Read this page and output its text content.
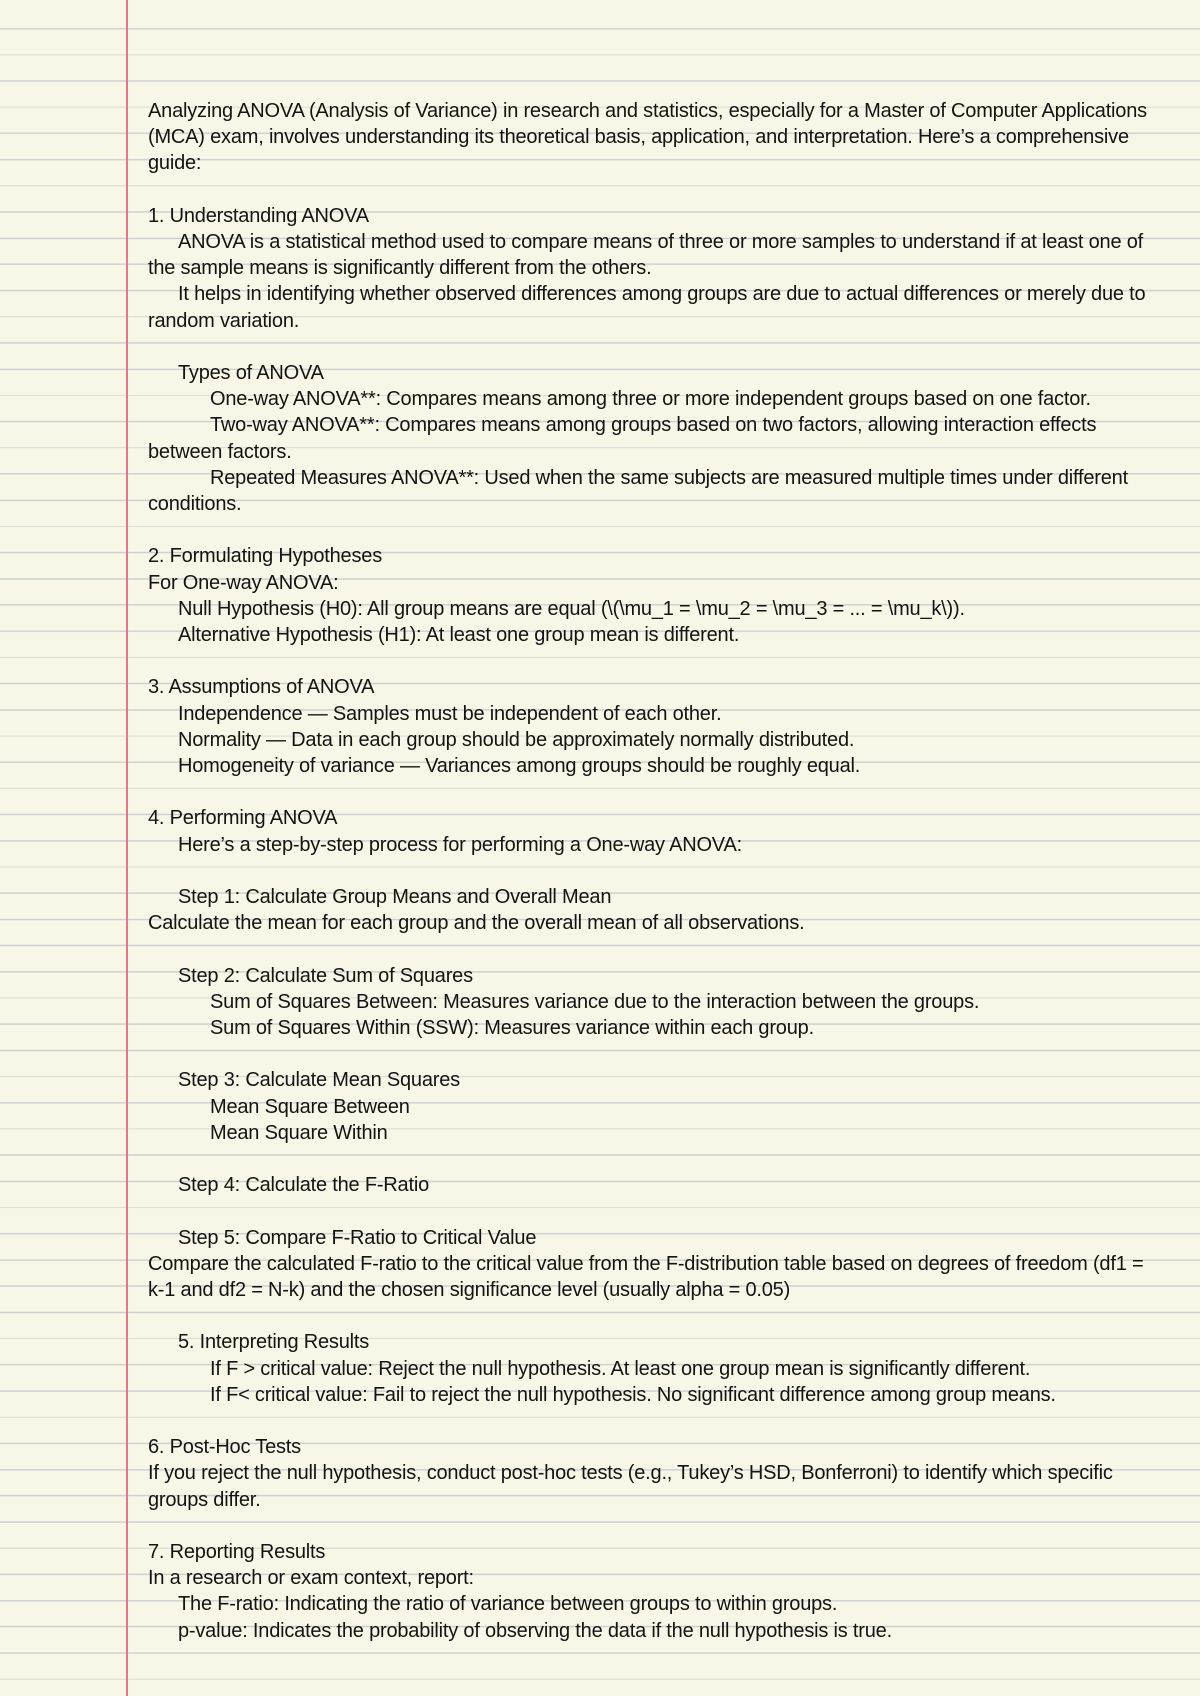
Analyzing ANOVA (Analysis of Variance) in research and statistics, especially for a Master of Computer Applications (MCA) exam, involves understanding its theoretical basis, application, and interpretation. Here’s a comprehensive guide:

1. Understanding ANOVA

ANOVA is a statistical method used to compare means of three or more samples to understand if at least one of the sample means is significantly different from the others.

It helps in identifying whether observed differences among groups are due to actual differences or merely due to random variation.

Types of ANOVA

One-way ANOVA**: Compares means among three or more independent groups based on one factor.

Two-way ANOVA**: Compares means among groups based on two factors, allowing interaction effects between factors.

Repeated Measures ANOVA**: Used when the same subjects are measured multiple times under different conditions.

2. Formulating Hypotheses

For One-way ANOVA:

Null Hypothesis (H0): All group means are equal (\(\mu_1 = \mu_2 = \mu_3 = ... = \mu_k\)).

Alternative Hypothesis (H1): At least one group mean is different.

3. Assumptions of ANOVA

Independence — Samples must be independent of each other.

Normality — Data in each group should be approximately normally distributed.

Homogeneity of variance — Variances among groups should be roughly equal.

4. Performing ANOVA

Here’s a step-by-step process for performing a One-way ANOVA:

Step 1: Calculate Group Means and Overall Mean

Calculate the mean for each group and the overall mean of all observations.

Step 2: Calculate Sum of Squares

Sum of Squares Between: Measures variance due to the interaction between the groups.

Sum of Squares Within (SSW): Measures variance within each group.

Step 3: Calculate Mean Squares

Mean Square Between

Mean Square Within

Step 4: Calculate the F-Ratio

Step 5: Compare F-Ratio to Critical Value

Compare the calculated F-ratio to the critical value from the F-distribution table based on degrees of freedom (df1 = k-1 and df2 = N-k) and the chosen significance level (usually alpha = 0.05)

5. Interpreting Results

If F > critical value: Reject the null hypothesis. At least one group mean is significantly different.

If F< critical value: Fail to reject the null hypothesis. No significant difference among group means.

6. Post-Hoc Tests

If you reject the null hypothesis, conduct post-hoc tests (e.g., Tukey’s HSD, Bonferroni) to identify which specific groups differ.

7. Reporting Results

In a research or exam context, report:

The F-ratio: Indicating the ratio of variance between groups to within groups.

p-value: Indicates the probability of observing the data if the null hypothesis is true.
